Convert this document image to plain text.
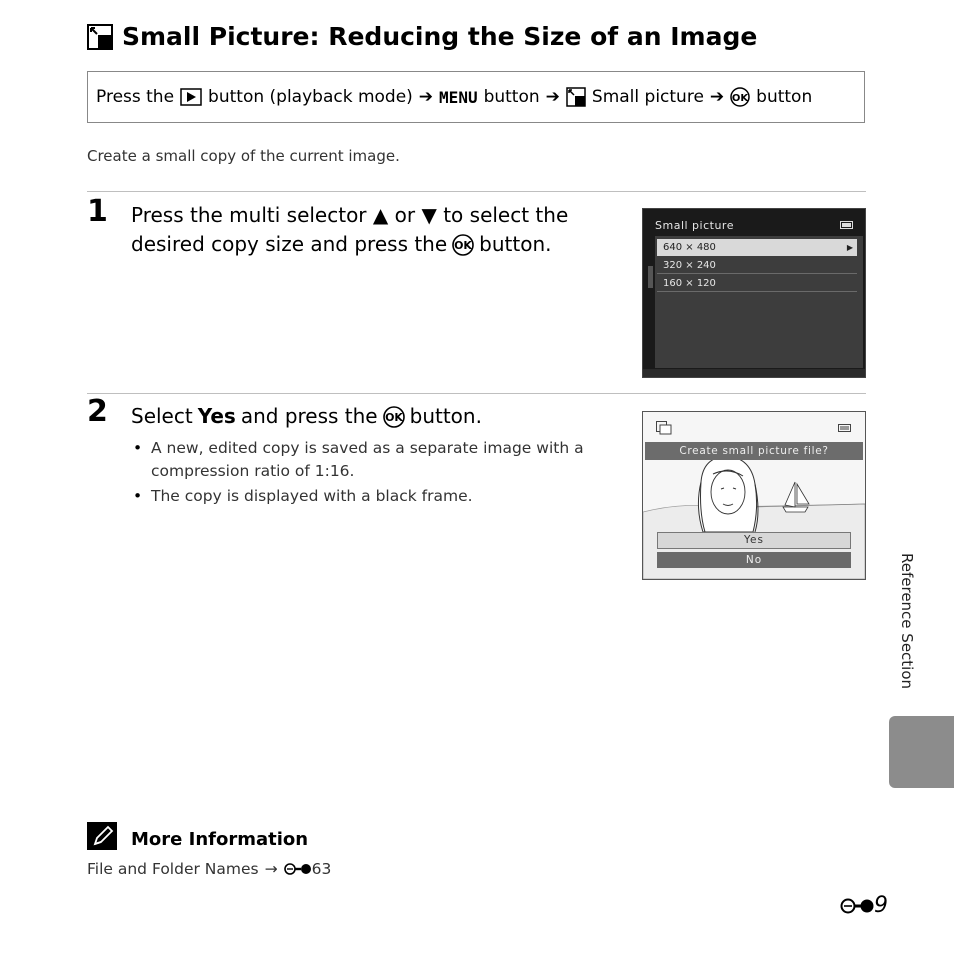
Small Picture: Reducing the Size of an Image
Press the button (playback mode) ➔ MENU button ➔ Small picture ➔ OK button
Create a small copy of the current image.
1 Press the multi selector ▲ or ▼ to select the
desired copy size and press the OK button.
Small picture
640 × 480	▶
320 × 240
160 × 120
2 Select Yes and press the OK button.
• A new, edited copy is saved as a separate image with a compression ratio of 1:16.
• The copy is displayed with a black frame.
Create small picture file?
Yes
No	Reference Section
More Information
File and Folder Names → 63
9
